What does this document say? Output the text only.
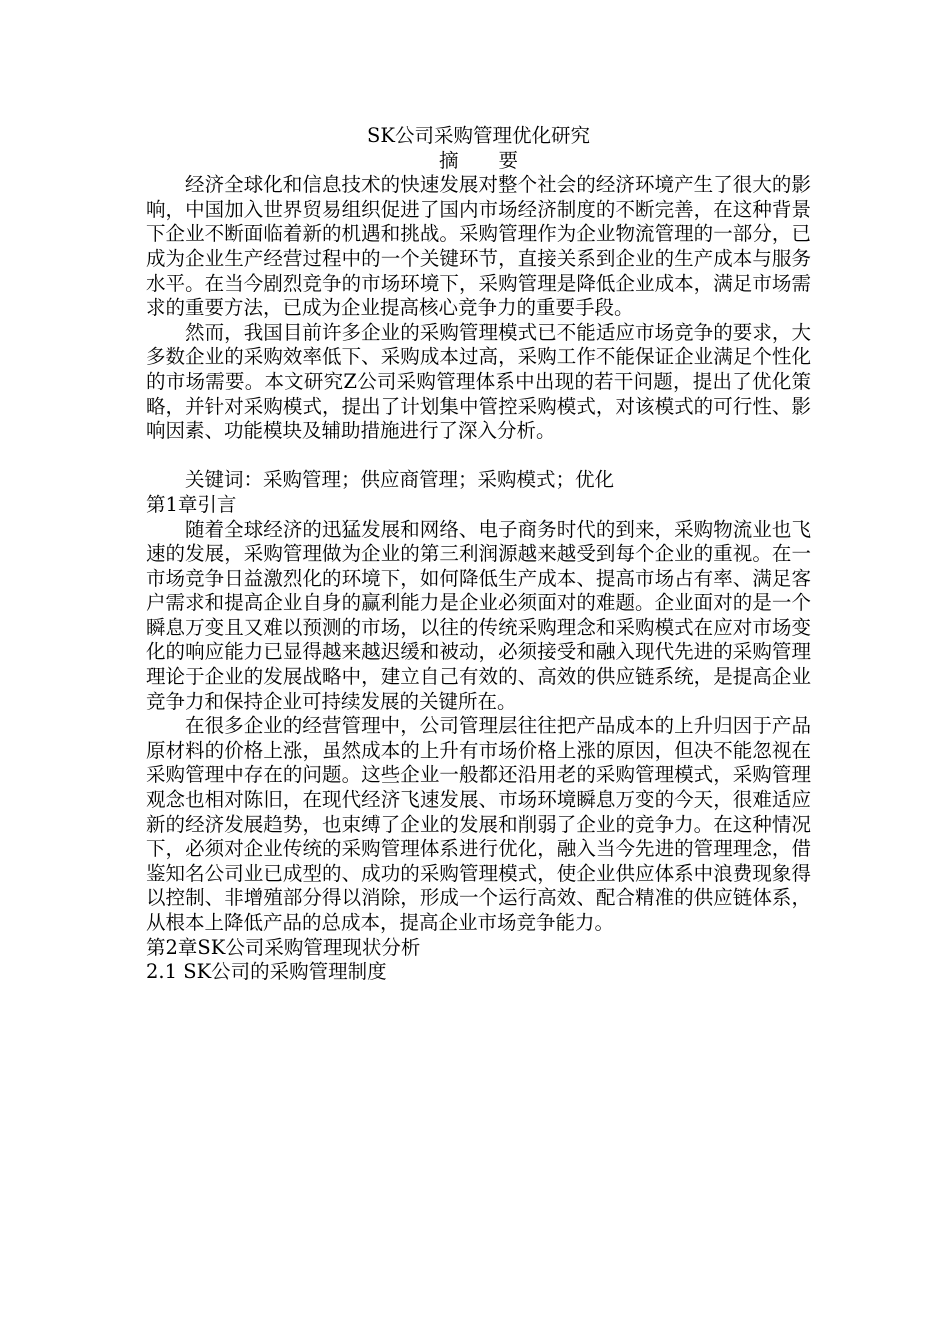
SK公司采购管理优化研究

摘 要

经济全球化和信息技术的快速发展对整个社会的经济环境产生了很大的影响，中国加入世界贸易组织促进了国内市场经济制度的不断完善，在这种背景下企业不断面临着新的机遇和挑战。采购管理作为企业物流管理的一部分，已成为企业生产经营过程中的一个关键环节，直接关系到企业的生产成本与服务水平。在当今剧烈竞争的市场环境下，采购管理是降低企业成本，满足市场需求的重要方法，已成为企业提高核心竞争力的重要手段。

然而，我国目前许多企业的采购管理模式已不能适应市场竞争的要求，大多数企业的采购效率低下、采购成本过高，采购工作不能保证企业满足个性化的市场需要。本文研究Z公司采购管理体系中出现的若干问题，提出了优化策略，并针对采购模式，提出了计划集中管控采购模式，对该模式的可行性、影响因素、功能模块及辅助措施进行了深入分析。

关键词：采购管理；供应商管理；采购模式；优化

第1章引言

随着全球经济的迅猛发展和网络、电子商务时代的到来，采购物流业也飞速的发展，采购管理做为企业的第三利润源越来越受到每个企业的重视。在一市场竞争日益激烈化的环境下，如何降低生产成本、提高市场占有率、满足客户需求和提高企业自身的赢利能力是企业必须面对的难题。企业面对的是一个瞬息万变且又难以预测的市场，以往的传统采购理念和采购模式在应对市场变化的响应能力已显得越来越迟缓和被动，必须接受和融入现代先进的采购管理理论于企业的发展战略中，建立自己有效的、高效的供应链系统，是提高企业竞争力和保持企业可持续发展的关键所在。

在很多企业的经营管理中，公司管理层往往把产品成本的上升归因于产品原材料的价格上涨，虽然成本的上升有市场价格上涨的原因，但决不能忽视在采购管理中存在的问题。这些企业一般都还沿用老的采购管理模式，采购管理观念也相对陈旧，在现代经济飞速发展、市场环境瞬息万变的今天，很难适应新的经济发展趋势，也束缚了企业的发展和削弱了企业的竞争力。在这种情况下，必须对企业传统的采购管理体系进行优化，融入当今先进的管理理念，借鉴知名公司业已成型的、成功的采购管理模式，使企业供应体系中浪费现象得以控制、非增殖部分得以消除，形成一个运行高效、配合精准的供应链体系，从根本上降低产品的总成本，提高企业市场竞争能力。

第2章SK公司采购管理现状分析

2.1 SK公司的采购管理制度
